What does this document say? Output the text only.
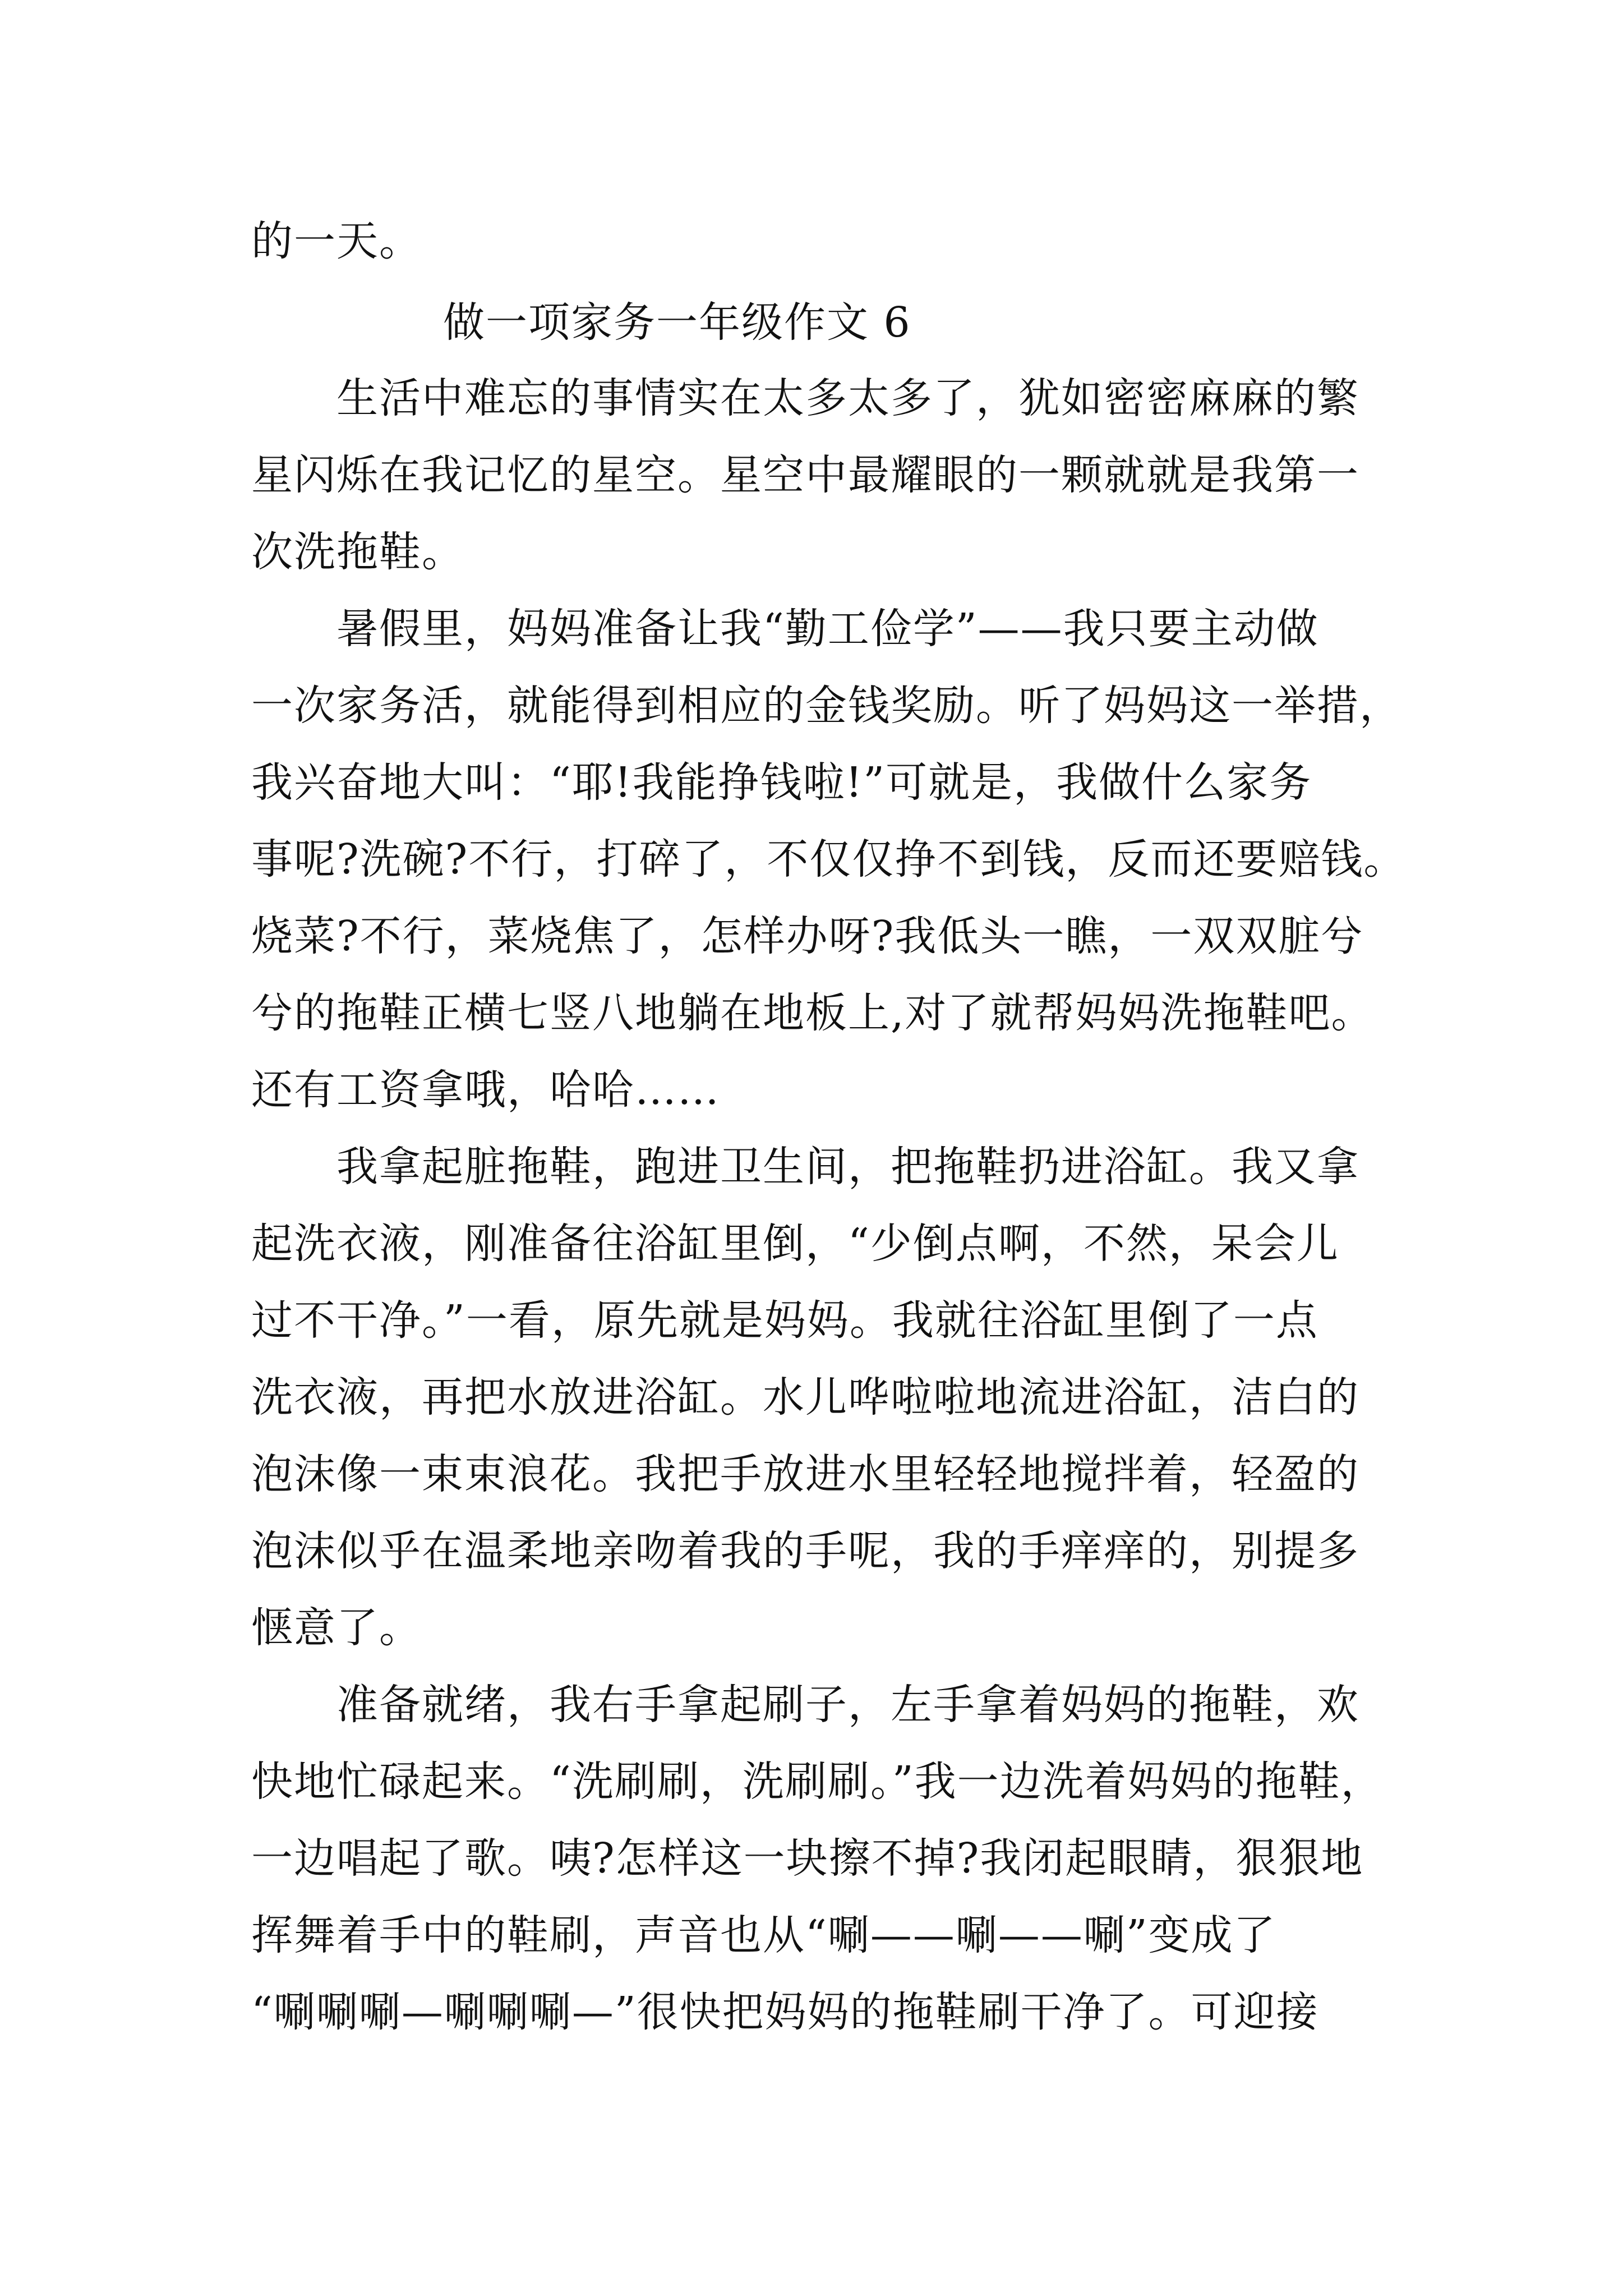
的一天。
做一项家务一年级作文 6
生活中难忘的事情实在太多太多了，犹如密密麻麻的繁
星闪烁在我记忆的星空。星空中最耀眼的一颗就就是我第一
次洗拖鞋。
暑假里，妈妈准备让我“勤工俭学”——我只要主动做
一次家务活，就能得到相应的金钱奖励。听了妈妈这一举措，
我兴奋地大叫：“耶!我能挣钱啦!”可就是，我做什么家务
事呢?洗碗?不行，打碎了，不仅仅挣不到钱，反而还要赔钱。
烧菜?不行，菜烧焦了，怎样办呀?我低头一瞧，一双双脏兮
兮的拖鞋正横七竖八地躺在地板上,对了就帮妈妈洗拖鞋吧。
还有工资拿哦，哈哈……
我拿起脏拖鞋，跑进卫生间，把拖鞋扔进浴缸。我又拿
起洗衣液，刚准备往浴缸里倒，“少倒点啊，不然，呆会儿
过不干净。”一看，原先就是妈妈。我就往浴缸里倒了一点
洗衣液，再把水放进浴缸。水儿哗啦啦地流进浴缸，洁白的
泡沫像一束束浪花。我把手放进水里轻轻地搅拌着，轻盈的
泡沫似乎在温柔地亲吻着我的手呢，我的手痒痒的，别提多
惬意了。
准备就绪，我右手拿起刷子，左手拿着妈妈的拖鞋，欢
快地忙碌起来。“洗刷刷，洗刷刷。”我一边洗着妈妈的拖鞋，
一边唱起了歌。咦?怎样这一块擦不掉?我闭起眼睛，狠狠地
挥舞着手中的鞋刷，声音也从“唰——唰——唰”变成了
“唰唰唰—唰唰唰—”很快把妈妈的拖鞋刷干净了。可迎接
